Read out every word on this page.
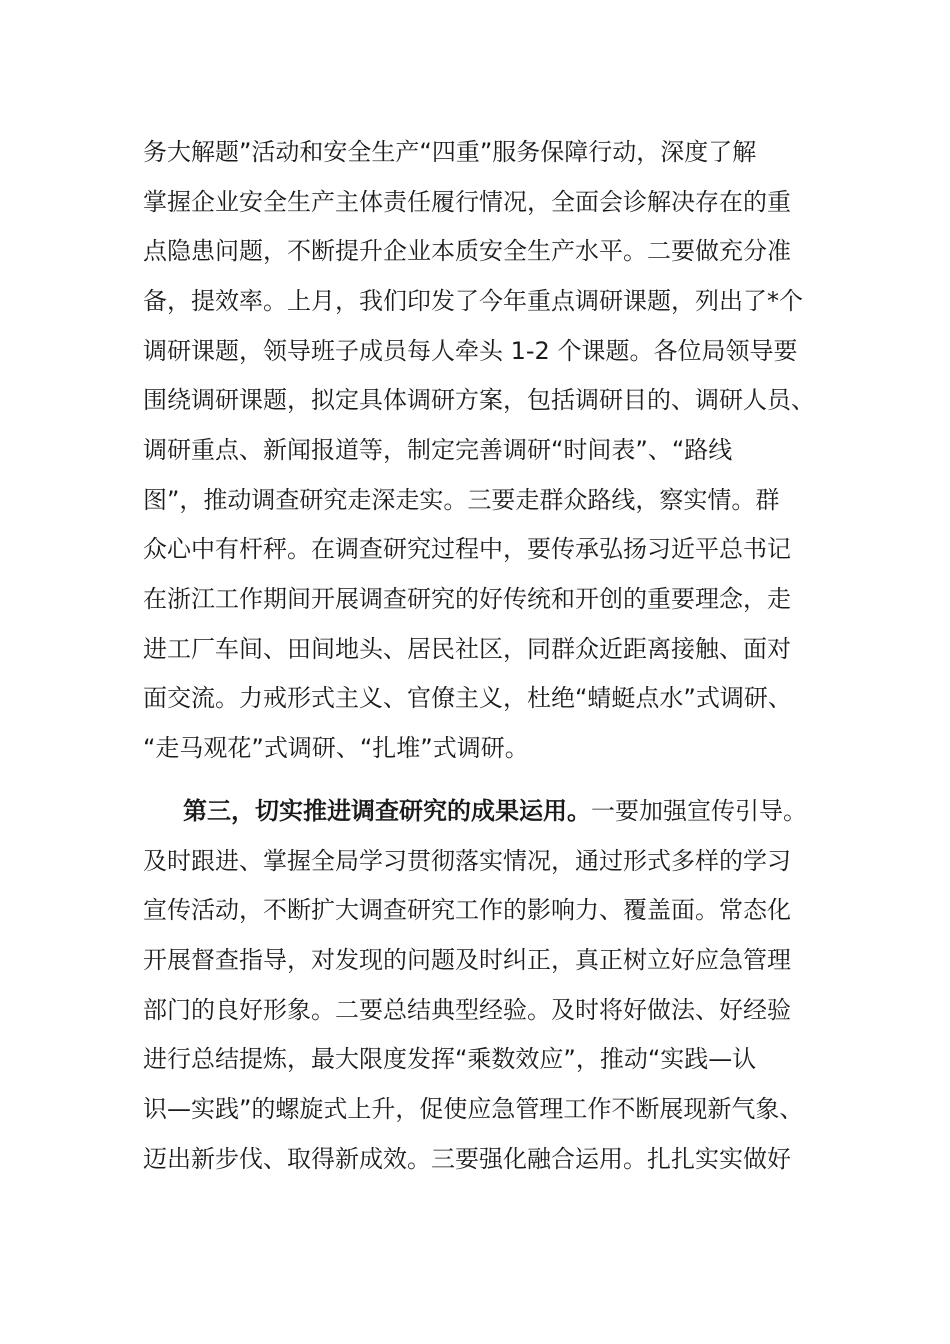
务大解题”活动和安全生产“四重”服务保障行动，深度了解
掌握企业安全生产主体责任履行情况，全面会诊解决存在的重
点隐患问题，不断提升企业本质安全生产水平。二要做充分准
备，提效率。上月，我们印发了今年重点调研课题，列出了*个
调研课题，领导班子成员每人牵头 1-2 个课题。各位局领导要
围绕调研课题，拟定具体调研方案，包括调研目的、调研人员、
调研重点、新闻报道等，制定完善调研“时间表”、“路线
图”，推动调查研究走深走实。三要走群众路线，察实情。群
众心中有杆秤。在调查研究过程中，要传承弘扬习近平总书记
在浙江工作期间开展调查研究的好传统和开创的重要理念，走
进工厂车间、田间地头、居民社区，同群众近距离接触、面对
面交流。力戒形式主义、官僚主义，杜绝“蜻蜓点水”式调研、
“走马观花”式调研、“扎堆”式调研。
第三，切实推进调查研究的成果运用。一要加强宣传引导。
及时跟进、掌握全局学习贯彻落实情况，通过形式多样的学习
宣传活动，不断扩大调查研究工作的影响力、覆盖面。常态化
开展督查指导，对发现的问题及时纠正，真正树立好应急管理
部门的良好形象。二要总结典型经验。及时将好做法、好经验
进行总结提炼，最大限度发挥“乘数效应”，推动“实践—认
识—实践”的螺旋式上升，促使应急管理工作不断展现新气象、
迈出新步伐、取得新成效。三要强化融合运用。扎扎实实做好
